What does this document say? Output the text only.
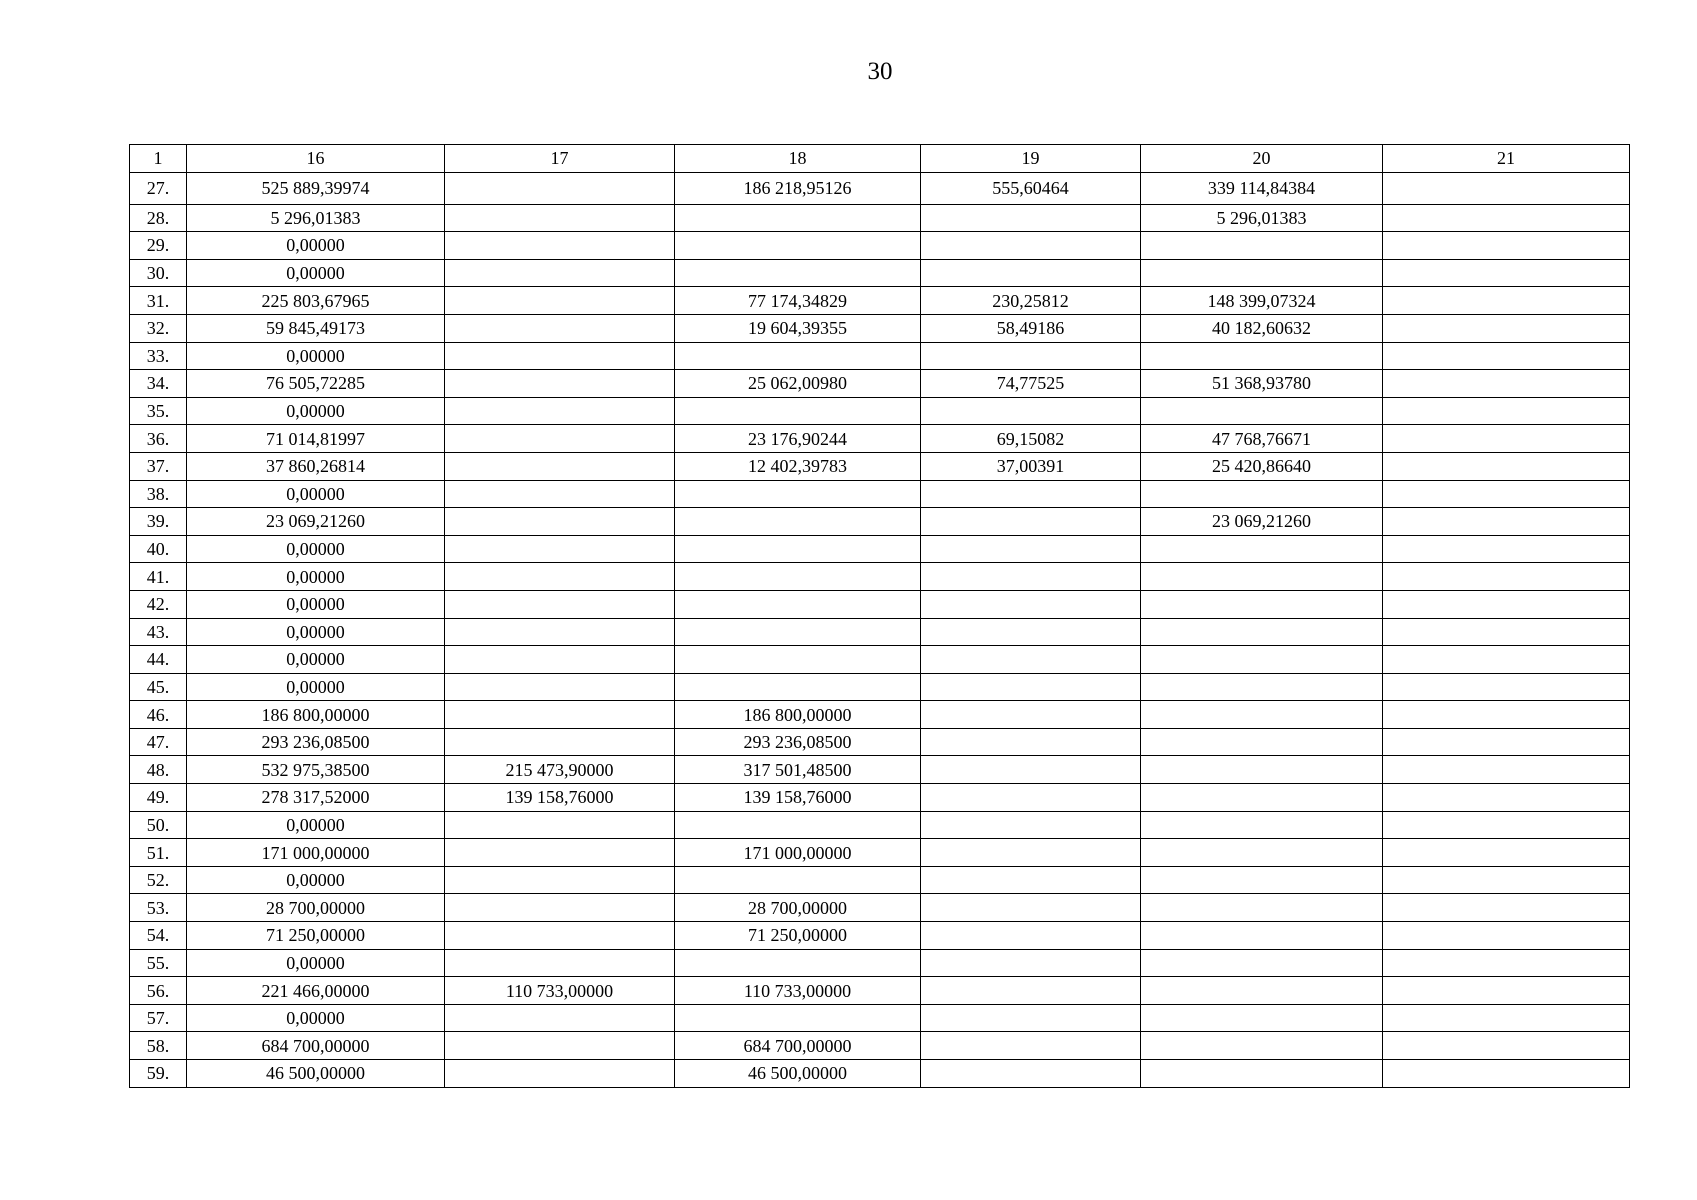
30
1	16	17	18	19	20	21
27.	525 889,39974		186 218,95126	555,60464	339 114,84384	
28.	5 296,01383				5 296,01383	
29.	0,00000					
30.	0,00000					
31.	225 803,67965		77 174,34829	230,25812	148 399,07324	
32.	59 845,49173		19 604,39355	58,49186	40 182,60632	
33.	0,00000					
34.	76 505,72285		25 062,00980	74,77525	51 368,93780	
35.	0,00000					
36.	71 014,81997		23 176,90244	69,15082	47 768,76671	
37.	37 860,26814		12 402,39783	37,00391	25 420,86640	
38.	0,00000					
39.	23 069,21260				23 069,21260	
40.	0,00000					
41.	0,00000					
42.	0,00000					
43.	0,00000					
44.	0,00000					
45.	0,00000					
46.	186 800,00000		186 800,00000			
47.	293 236,08500		293 236,08500			
48.	532 975,38500	215 473,90000	317 501,48500			
49.	278 317,52000	139 158,76000	139 158,76000			
50.	0,00000					
51.	171 000,00000		171 000,00000			
52.	0,00000					
53.	28 700,00000		28 700,00000			
54.	71 250,00000		71 250,00000			
55.	0,00000					
56.	221 466,00000	110 733,00000	110 733,00000			
57.	0,00000					
58.	684 700,00000		684 700,00000			
59.	46 500,00000		46 500,00000			
